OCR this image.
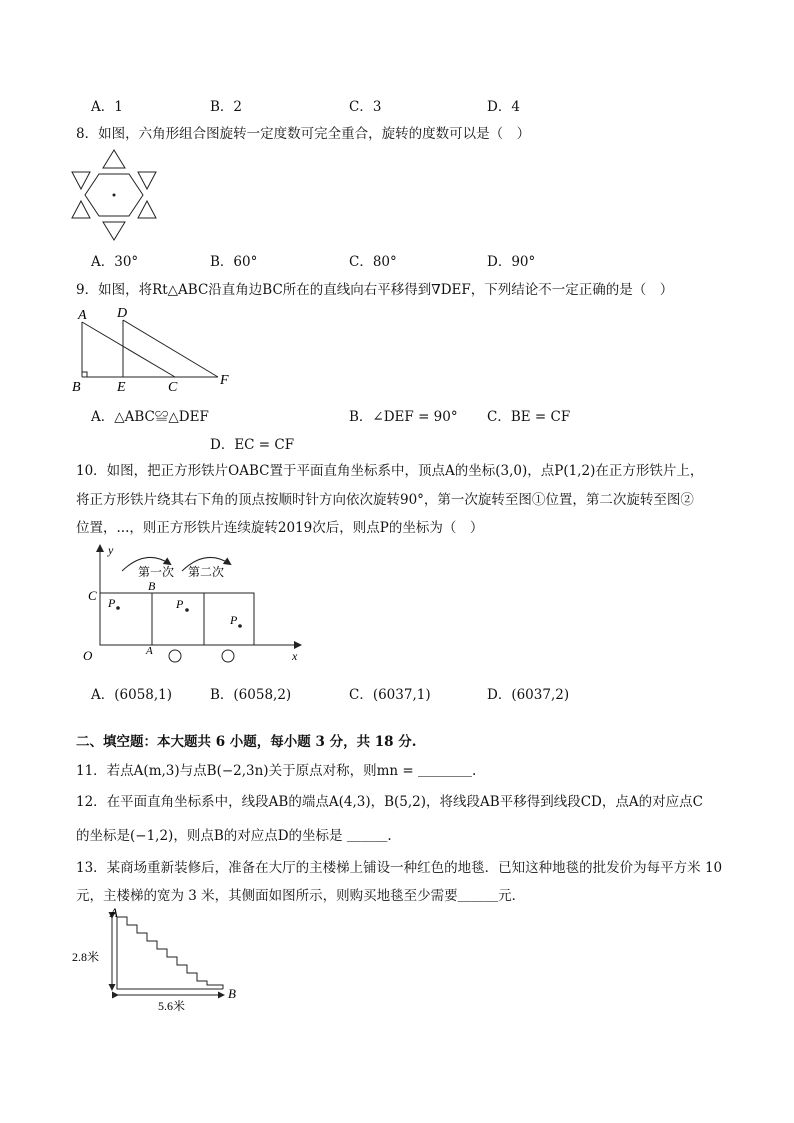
A．1	B．2	C．3	D．4
8．如图，六角形组合图旋转一定度数可完全重合，旋转的度数可以是（　）
A．30°	B．60°	C．80°	D．90°
9．如图，将Rt△ABC沿直角边BC所在的直线向右平移得到∇DEF，下列结论不一定正确的是（　）
A D
B	E	C	F
A．△ABC≌△DEF	B．∠DEF = 90° C．BE = CF
D．EC = CF
10．如图，把正方形铁片OABC置于平面直角坐标系中，顶点A的坐标(3,0)，点P(1,2)在正方形铁片上，
将正方形铁片绕其右下角的顶点按顺时针方向依次旋转90°，第一次旋转至图①位置，第二次旋转至图②
位置，...，则正方形铁片连续旋转2019次后，则点P的坐标为（　）
y
x
O
C
B
A
P	P
P
第一次 第二次
A．(6058,1)	B．(6058,2)	C．(6037,1)	D．(6037,2)
二、填空题：本大题共 6 小题，每小题 3 分，共 18 分.
11．若点A(m,3)与点B(−2,3n)关于原点对称，则mn = ＿＿＿＿.
12．在平面直角坐标系中，线段AB的端点A(4,3)，B(5,2)，将线段AB平移得到线段CD，点A的对应点C
的坐标是(−1,2)，则点B的对应点D的坐标是 ＿＿＿.
13．某商场重新装修后，准备在大厅的主楼梯上铺设一种红色的地毯．已知这种地毯的批发价为每平方米 10
元，主楼梯的宽为 3 米，其侧面如图所示，则购买地毯至少需要＿＿＿元．
A
B
2.8米
5.6米
